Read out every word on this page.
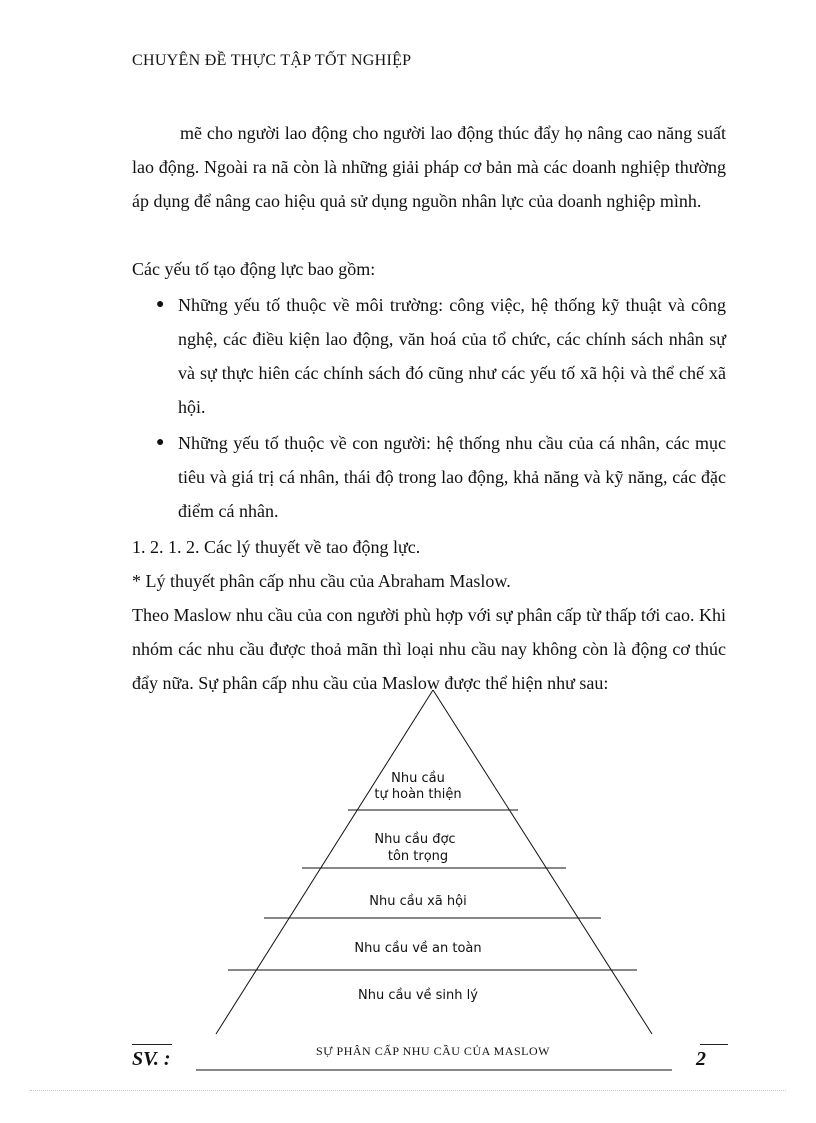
CHUYÊN ĐỀ THỰC TẬP TỐT NGHIỆP
mẽ cho người lao động cho người lao động thúc đẩy họ nâng cao năng suất lao động. Ngoài ra nã còn là những giải pháp cơ bản mà các doanh nghiệp thường áp dụng để nâng cao hiệu quả sử dụng nguồn nhân lực của doanh nghiệp mình.
Các yếu tố tạo động lực bao gồm:
● Những yếu tố thuộc về môi trường: công việc, hệ thống kỹ thuật và công nghệ, các điều kiện lao động, văn hoá của tổ chức, các chính sách nhân sự và sự thực hiên các chính sách đó cũng như các yếu tố xã hội và thể chế xã hội.
● Những yếu tố thuộc về con người: hệ thống nhu cầu của cá nhân, các mục tiêu và giá trị cá nhân, thái độ trong lao động, khả năng và kỹ năng, các đặc điểm cá nhân.
1. 2. 1. 2. Các lý thuyết về tao động lực.
* Lý thuyết phân cấp nhu cầu của Abraham Maslow.
Theo Maslow nhu cầu của con người phù hợp với sự phân cấp từ thấp tới cao. Khi nhóm các nhu cầu được thoả mãn thì loại nhu cầu nay không còn là động cơ thúc đẩy nữa. Sự phân cấp nhu cầu của Maslow được thể hiện như sau:
Nhu cầu
tự hoàn thiện
Nhu cầu đợc
tôn trọng
Nhu cầu xã hội
Nhu cầu về an toàn
Nhu cầu về sinh lý
SỰ PHÂN CẤP NHU CẦU CỦA MASLOW
SV. :	2
